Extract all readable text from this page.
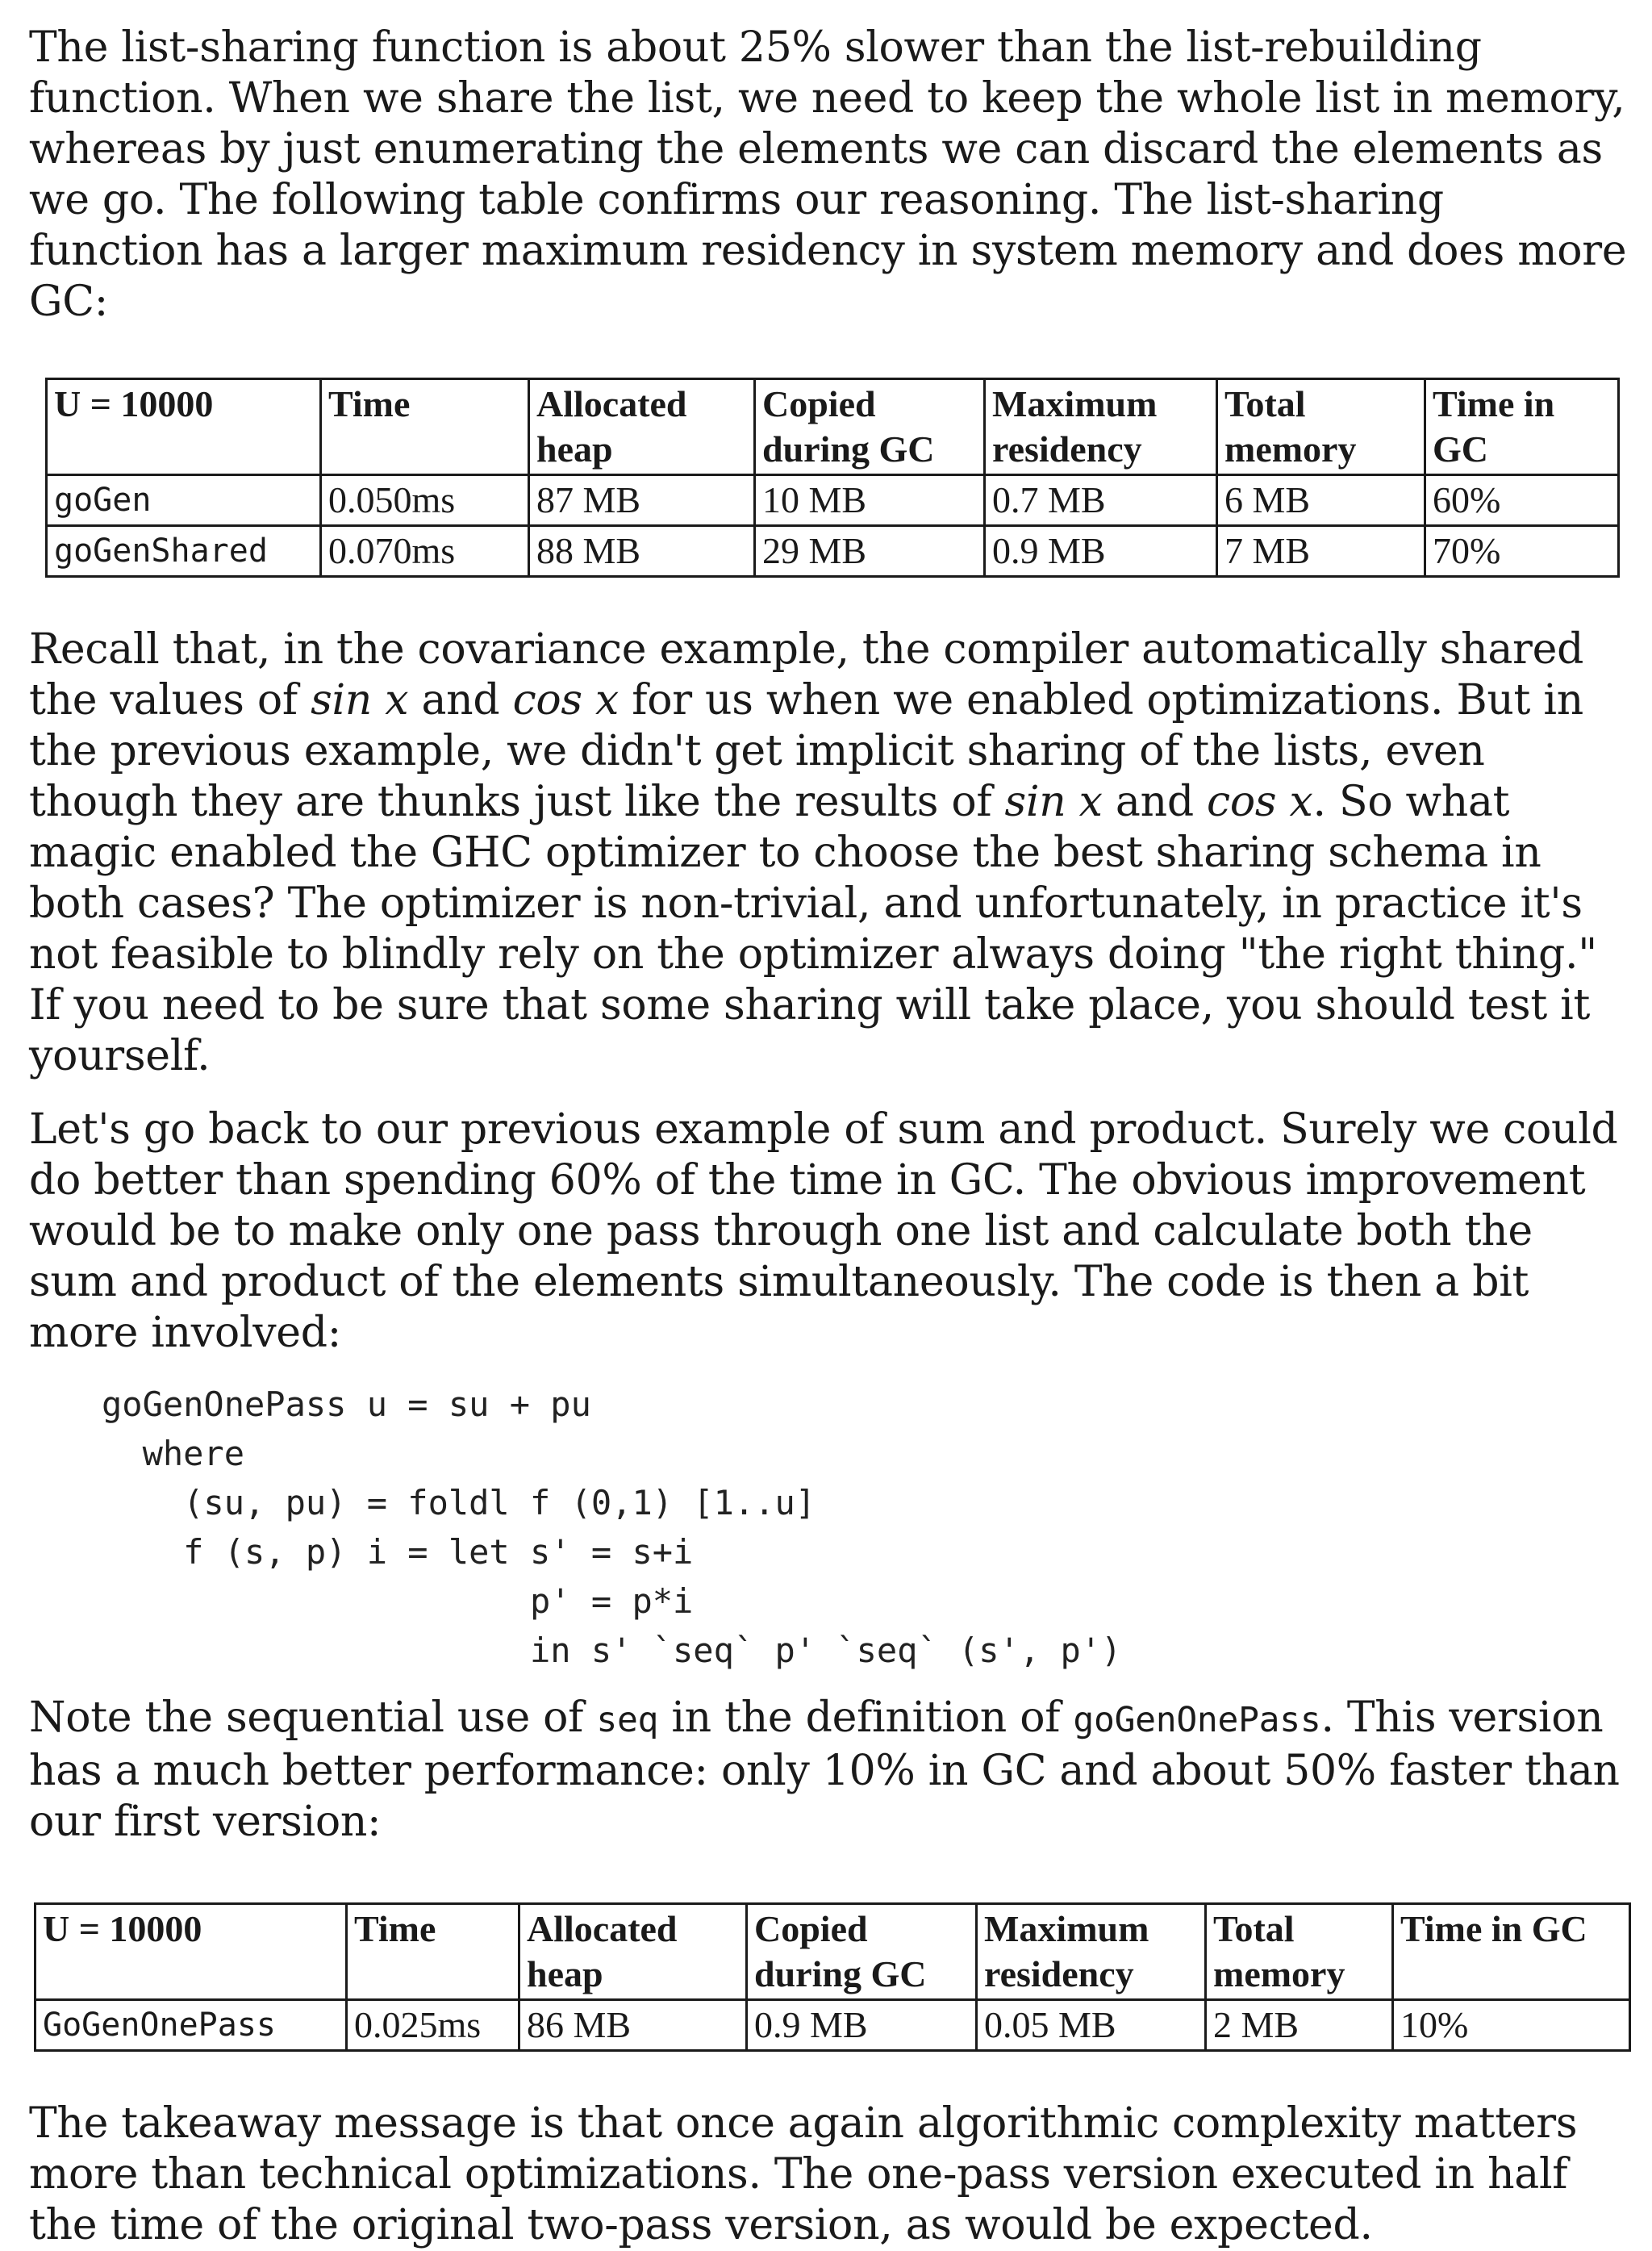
The list-sharing function is about 25% slower than the list-rebuilding function. When we share the list, we need to keep the whole list in memory, whereas by just enumerating the elements we can discard the elements as we go. The following table confirms our reasoning. The list-sharing function has a larger maximum residency in system memory and does more GC:

U = 10000	Time	Allocated heap	Copied during GC	Maximum residency	Total memory	Time in GC
goGen	0.050ms	87 MB	10 MB	0.7 MB	6 MB	60%
goGenShared	0.070ms	88 MB	29 MB	0.9 MB	7 MB	70%

Recall that, in the covariance example, the compiler automatically shared the values of sin x and cos x for us when we enabled optimizations. But in the previous example, we didn't get implicit sharing of the lists, even though they are thunks just like the results of sin x and cos x. So what magic enabled the GHC optimizer to choose the best sharing schema in both cases? The optimizer is non-trivial, and unfortunately, in practice it's not feasible to blindly rely on the optimizer always doing "the right thing." If you need to be sure that some sharing will take place, you should test it yourself.

Let's go back to our previous example of sum and product. Surely we could do better than spending 60% of the time in GC. The obvious improvement would be to make only one pass through one list and calculate both the sum and product of the elements simultaneously. The code is then a bit more involved:

goGenOnePass u = su + pu
where
(su, pu) = foldl f (0,1) [1..u]
f (s, p) i = let s' = s+i
p' = p*i
in s' `seq` p' `seq` (s', p')

Note the sequential use of seq in the definition of goGenOnePass. This version has a much better performance: only 10% in GC and about 50% faster than our first version:

U = 10000	Time	Allocated heap	Copied during GC	Maximum residency	Total memory	Time in GC
GoGenOnePass	0.025ms	86 MB	0.9 MB	0.05 MB	2 MB	10%

The takeaway message is that once again algorithmic complexity matters more than technical optimizations. The one-pass version executed in half the time of the original two-pass version, as would be expected.
